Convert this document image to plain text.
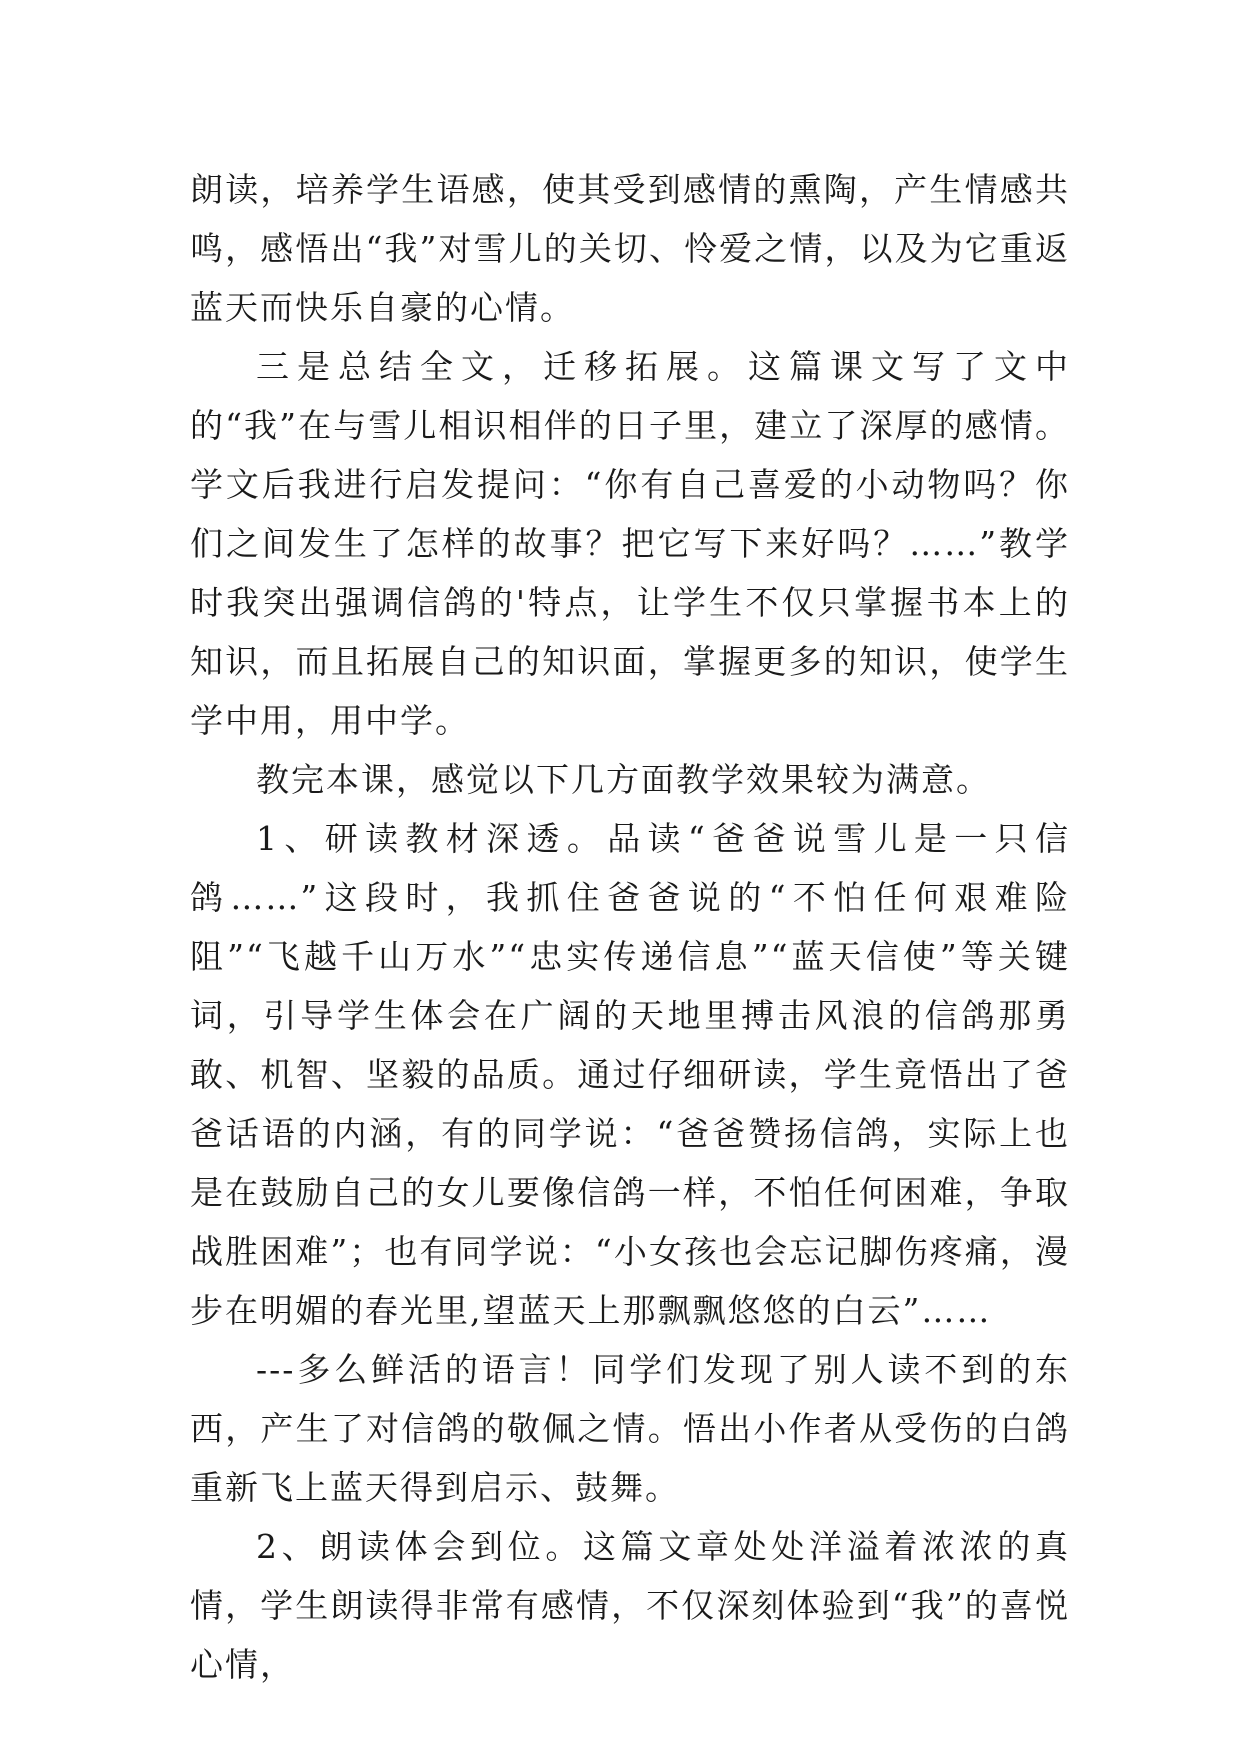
朗读，培养学生语感，使其受到感情的熏陶，产生情感共鸣，感悟出“我”对雪儿的关切、怜爱之情，以及为它重返蓝天而快乐自豪的心情。

三是总结全文，迁移拓展。这篇课文写了文中的“我”在与雪儿相识相伴的日子里，建立了深厚的感情。学文后我进行启发提问：“你有自己喜爱的小动物吗？你们之间发生了怎样的故事？把它写下来好吗？……”教学时我突出强调信鸽的'特点，让学生不仅只掌握书本上的知识，而且拓展自己的知识面，掌握更多的知识，使学生学中用，用中学。

教完本课，感觉以下几方面教学效果较为满意。

1、研读教材深透。品读“爸爸说雪儿是一只信鸽……”这段时，我抓住爸爸说的“不怕任何艰难险阻”“飞越千山万水”“忠实传递信息”“蓝天信使”等关键词，引导学生体会在广阔的天地里搏击风浪的信鸽那勇敢、机智、坚毅的品质。通过仔细研读，学生竟悟出了爸爸话语的内涵，有的同学说：“爸爸赞扬信鸽，实际上也是在鼓励自己的女儿要像信鸽一样，不怕任何困难，争取战胜困难”；也有同学说：“小女孩也会忘记脚伤疼痛，漫步在明媚的春光里,望蓝天上那飘飘悠悠的白云”……

---多么鲜活的语言！同学们发现了别人读不到的东西，产生了对信鸽的敬佩之情。悟出小作者从受伤的白鸽重新飞上蓝天得到启示、鼓舞。

2、朗读体会到位。这篇文章处处洋溢着浓浓的真情，学生朗读得非常有感情，不仅深刻体验到“我”的喜悦心情，
